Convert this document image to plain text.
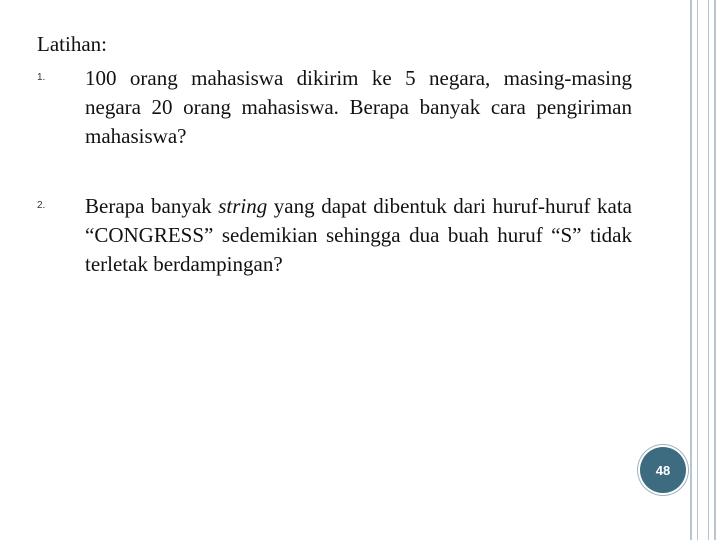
Latihan:
1. 100 orang mahasiswa dikirim ke 5 negara, masing-masing negara 20 orang mahasiswa. Berapa banyak cara pengiriman mahasiswa?
2. Berapa banyak string yang dapat dibentuk dari huruf-huruf kata “CONGRESS” sedemikian sehingga dua buah huruf “S” tidak terletak berdampingan?
48
